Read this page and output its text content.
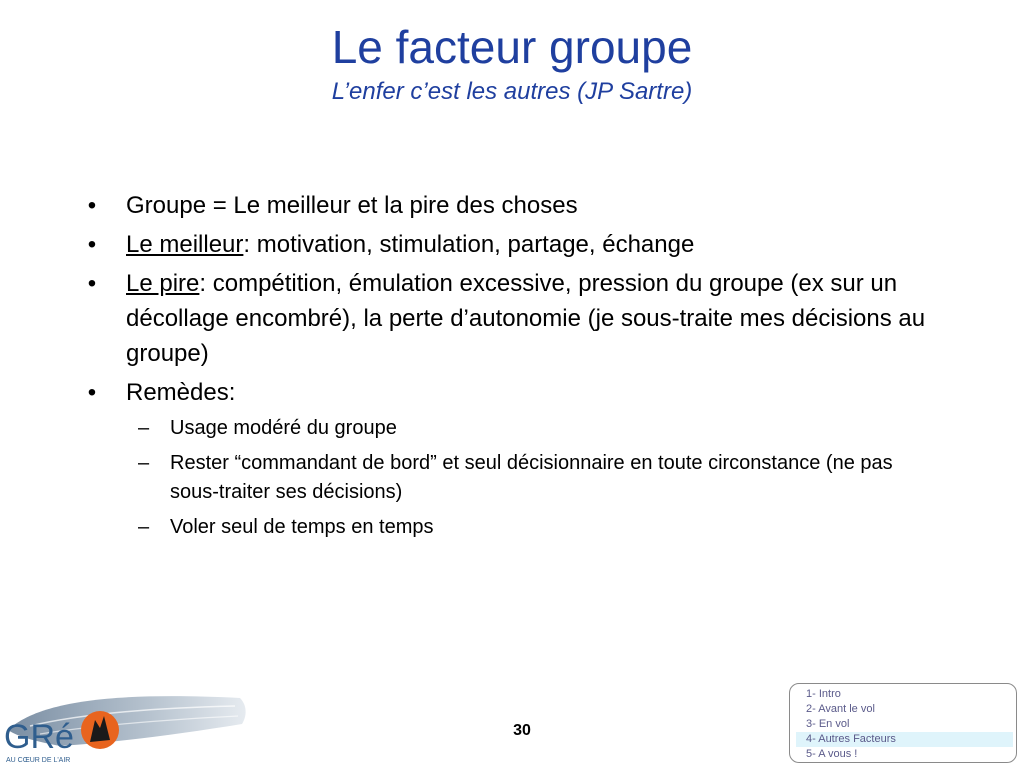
Le facteur groupe
L’enfer c’est les autres (JP Sartre)
• Groupe = Le meilleur et la pire des choses
• Le meilleur: motivation, stimulation, partage, échange
• Le pire: compétition, émulation excessive, pression du groupe (ex sur un décollage encombré), la perte d’autonomie (je sous-traite mes décisions au groupe)
• Remèdes:
– Usage modéré du groupe
– Rester “commandant de bord” et seul décisionnaire en toute circonstance (ne pas sous-traiter ses décisions)
– Voler seul de temps en temps
GRé
AU CŒUR DE L'AIR
30
1- Intro
2- Avant le vol
3- En vol
4- Autres Facteurs
5- A vous !
